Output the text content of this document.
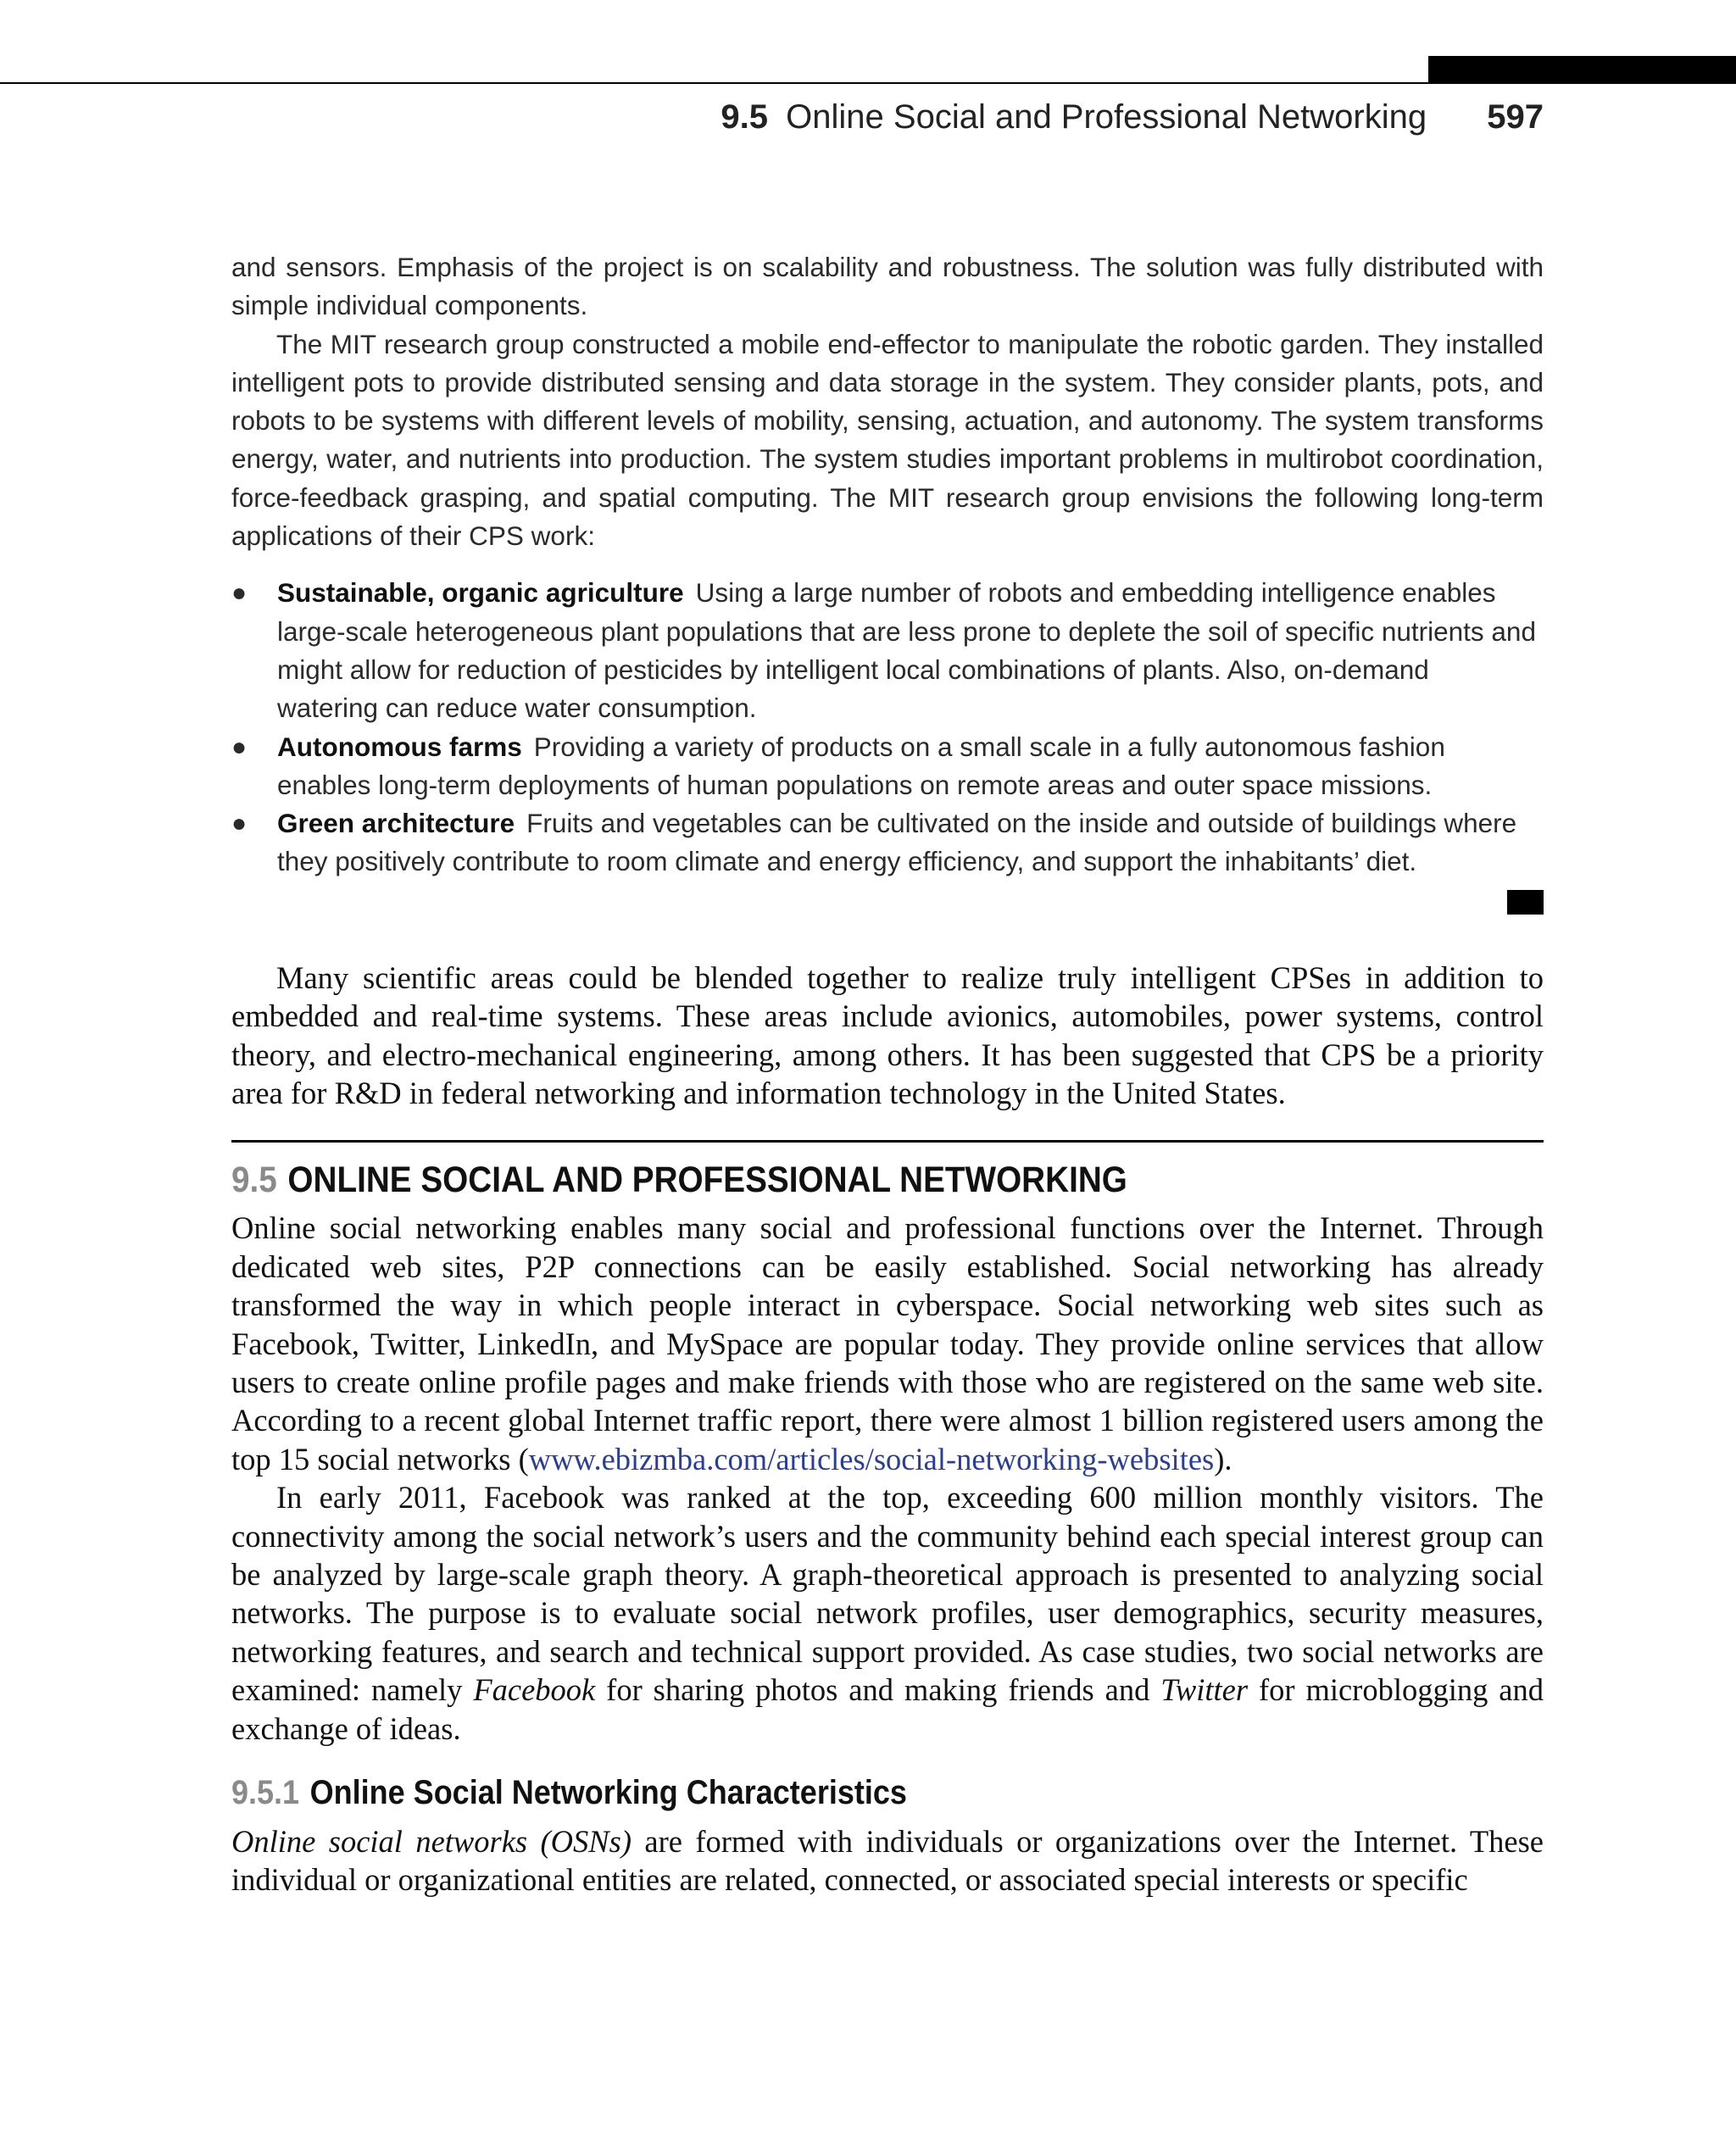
9.5 Online Social and Professional Networking 597

and sensors. Emphasis of the project is on scalability and robustness. The solution was fully distributed with simple individual components.

The MIT research group constructed a mobile end-effector to manipulate the robotic garden. They installed intelligent pots to provide distributed sensing and data storage in the system. They consider plants, pots, and robots to be systems with different levels of mobility, sensing, actuation, and autonomy. The system transforms energy, water, and nutrients into production. The system studies important problems in multirobot coordination, force-feedback grasping, and spatial computing. The MIT research group envisions the following long-term applications of their CPS work:

● Sustainable, organic agriculture Using a large number of robots and embedding intelligence enables large-scale heterogeneous plant populations that are less prone to deplete the soil of specific nutrients and might allow for reduction of pesticides by intelligent local combinations of plants. Also, on-demand watering can reduce water consumption.
● Autonomous farms Providing a variety of products on a small scale in a fully autonomous fashion enables long-term deployments of human populations on remote areas and outer space missions.
● Green architecture Fruits and vegetables can be cultivated on the inside and outside of buildings where they positively contribute to room climate and energy efficiency, and support the inhabitants’ diet.

Many scientific areas could be blended together to realize truly intelligent CPSes in addition to embedded and real-time systems. These areas include avionics, automobiles, power systems, control theory, and electro-mechanical engineering, among others. It has been suggested that CPS be a priority area for R&D in federal networking and information technology in the United States.

9.5 ONLINE SOCIAL AND PROFESSIONAL NETWORKING

Online social networking enables many social and professional functions over the Internet. Through dedicated web sites, P2P connections can be easily established. Social networking has already transformed the way in which people interact in cyberspace. Social networking web sites such as Facebook, Twitter, LinkedIn, and MySpace are popular today. They provide online services that allow users to create online profile pages and make friends with those who are registered on the same web site. According to a recent global Internet traffic report, there were almost 1 billion registered users among the top 15 social networks (www.ebizmba.com/articles/social-networking-websites).

In early 2011, Facebook was ranked at the top, exceeding 600 million monthly visitors. The connectivity among the social network’s users and the community behind each special interest group can be analyzed by large-scale graph theory. A graph-theoretical approach is presented to analyzing social networks. The purpose is to evaluate social network profiles, user demographics, security measures, networking features, and search and technical support provided. As case studies, two social networks are examined: namely Facebook for sharing photos and making friends and Twitter for microblogging and exchange of ideas.

9.5.1 Online Social Networking Characteristics

Online social networks (OSNs) are formed with individuals or organizations over the Internet. These individual or organizational entities are related, connected, or associated special interests or specific
